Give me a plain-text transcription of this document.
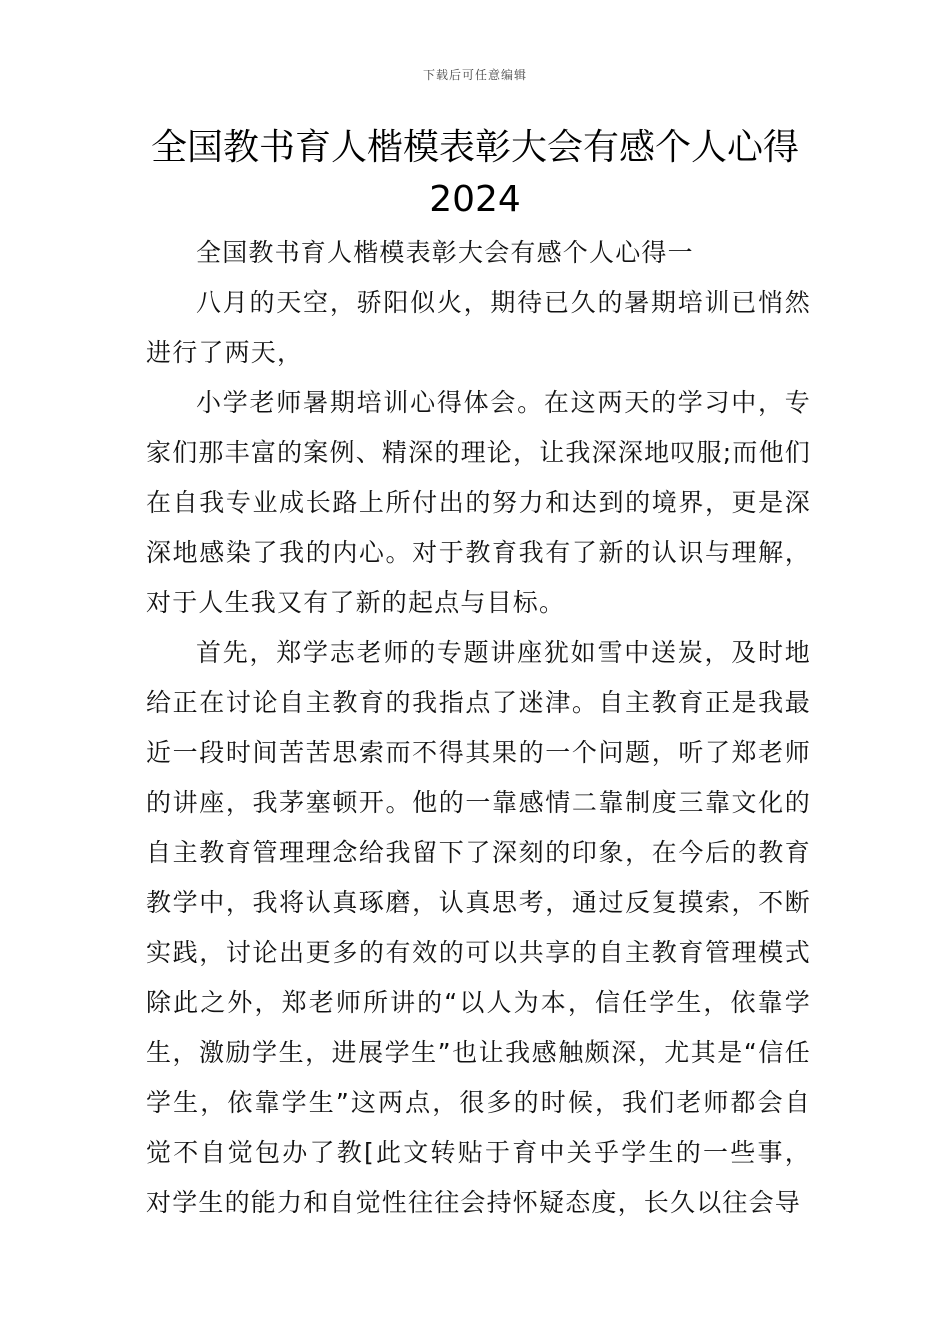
下载后可任意编辑
全国教书育人楷模表彰大会有感个人心得
2024

全国教书育人楷模表彰大会有感个人心得一

八月的天空，骄阳似火，期待已久的暑期培训已悄然进行了两天，

小学老师暑期培训心得体会。在这两天的学习中，专家们那丰富的案例、精深的理论，让我深深地叹服;而他们在自我专业成长路上所付出的努力和达到的境界，更是深深地感染了我的内心。对于教育我有了新的认识与理解，对于人生我又有了新的起点与目标。

首先，郑学志老师的专题讲座犹如雪中送炭，及时地给正在讨论自主教育的我指点了迷津。自主教育正是我最近一段时间苦苦思索而不得其果的一个问题，听了郑老师的讲座，我茅塞顿开。他的一靠感情二靠制度三靠文化的自主教育管理理念给我留下了深刻的印象，在今后的教育教学中，我将认真琢磨，认真思考，通过反复摸索，不断实践，讨论出更多的有效的可以共享的自主教育管理模式除此之外，郑老师所讲的“以人为本，信任学生，依靠学生，激励学生，进展学生”也让我感触颇深，尤其是“信任学生，依靠学生”这两点，很多的时候，我们老师都会自觉不自觉包办了教[此文转贴于育中关乎学生的一些事，对学生的能力和自觉性往往会持怀疑态度，长久以往会导
